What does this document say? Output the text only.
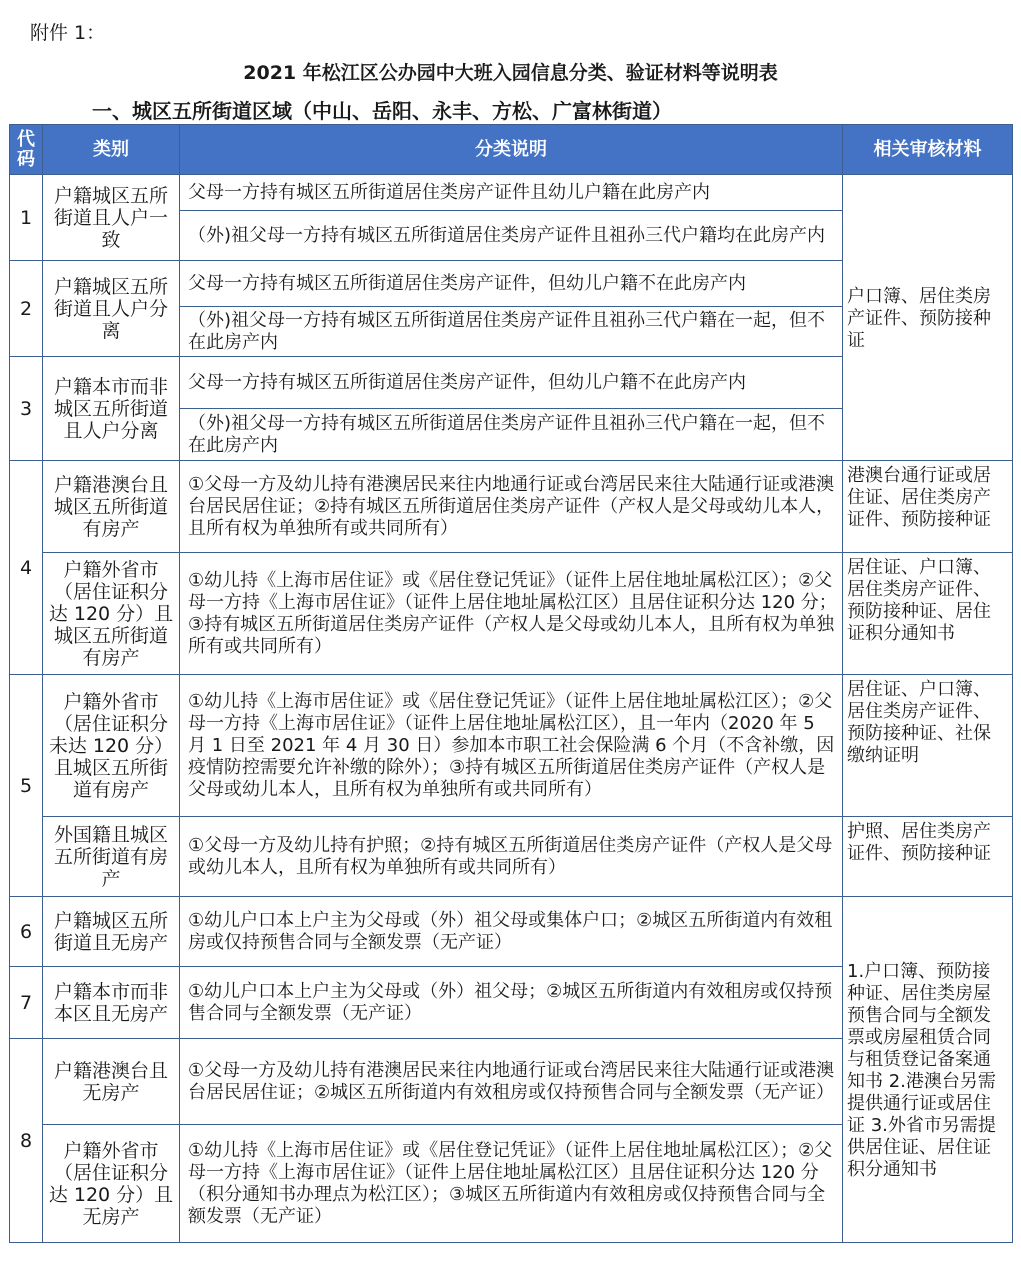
附件 1：
2021 年松江区公办园中大班入园信息分类、验证材料等说明表
一、城区五所街道区域（中山、岳阳、永丰、方松、广富林街道）
代码	类别	分类说明	相关审核材料
1	户籍城区五所街道且人户一致	父母一方持有城区五所街道居住类房产证件且幼儿户籍在此房产内	户口簿、居住类房产证件、预防接种证
		（外)祖父母一方持有城区五所街道居住类房产证件且祖孙三代户籍均在此房产内	
2	户籍城区五所街道且人户分离	父母一方持有城区五所街道居住类房产证件，但幼儿户籍不在此房产内	
		（外)祖父母一方持有城区五所街道居住类房产证件且祖孙三代户籍在一起，但不在此房产内	
3	户籍本市而非城区五所街道且人户分离	父母一方持有城区五所街道居住类房产证件，但幼儿户籍不在此房产内	
		（外)祖父母一方持有城区五所街道居住类房产证件且祖孙三代户籍在一起，但不在此房产内	
4	户籍港澳台且城区五所街道有房产	①父母一方及幼儿持有港澳居民来往内地通行证或台湾居民来往大陆通行证或港澳台居民居住证；②持有城区五所街道居住类房产证件（产权人是父母或幼儿本人，且所有权为单独所有或共同所有）	港澳台通行证或居住证、居住类房产证件、预防接种证
	户籍外省市（居住证积分达 120 分）且城区五所街道有房产	①幼儿持《上海市居住证》或《居住登记凭证》（证件上居住地址属松江区）；②父母一方持《上海市居住证》（证件上居住地址属松江区）且居住证积分达 120 分；③持有城区五所街道居住类房产证件（产权人是父母或幼儿本人，且所有权为单独所有或共同所有）	居住证、户口簿、居住类房产证件、预防接种证、居住证积分通知书
5	户籍外省市（居住证积分未达 120 分）且城区五所街道有房产	①幼儿持《上海市居住证》或《居住登记凭证》（证件上居住地址属松江区）；②父母一方持《上海市居住证》（证件上居住地址属松江区），且一年内（2020 年 5 月 1 日至 2021 年 4 月 30 日）参加本市职工社会保险满 6 个月（不含补缴，因疫情防控需要允许补缴的除外）；③持有城区五所街道居住类房产证件（产权人是父母或幼儿本人，且所有权为单独所有或共同所有）	居住证、户口簿、居住类房产证件、预防接种证、社保缴纳证明
	外国籍且城区五所街道有房产	①父母一方及幼儿持有护照；②持有城区五所街道居住类房产证件（产权人是父母或幼儿本人，且所有权为单独所有或共同所有）	护照、居住类房产证件、预防接种证
6	户籍城区五所街道且无房产	①幼儿户口本上户主为父母或（外）祖父母或集体户口；②城区五所街道内有效租房或仅持预售合同与全额发票（无产证）	1.户口簿、预防接种证、居住类房屋预售合同与全额发票或房屋租赁合同与租赁登记备案通知书 2.港澳台另需提供通行证或居住证 3.外省市另需提供居住证、居住证积分通知书
7	户籍本市而非本区且无房产	①幼儿户口本上户主为父母或（外）祖父母；②城区五所街道内有效租房或仅持预售合同与全额发票（无产证）	
8	户籍港澳台且无房产	①父母一方及幼儿持有港澳居民来往内地通行证或台湾居民来往大陆通行证或港澳台居民居住证；②城区五所街道内有效租房或仅持预售合同与全额发票（无产证）	
	户籍外省市（居住证积分达 120 分）且无房产	①幼儿持《上海市居住证》或《居住登记凭证》（证件上居住地址属松江区）；②父母一方持《上海市居住证》（证件上居住地址属松江区）且居住证积分达 120 分（积分通知书办理点为松江区）；③城区五所街道内有效租房或仅持预售合同与全额发票（无产证）	
